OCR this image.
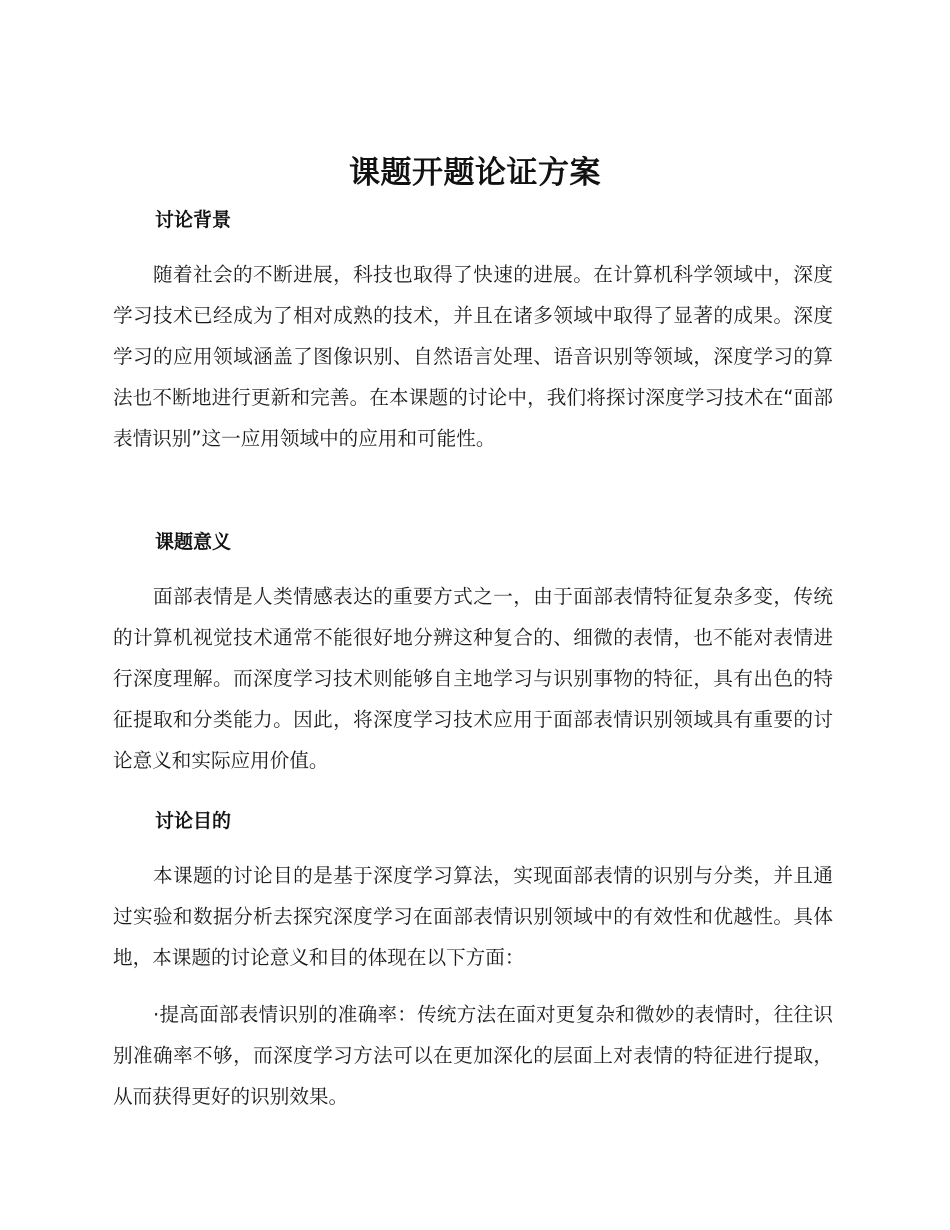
课题开题论证方案
讨论背景

随着社会的不断进展，科技也取得了快速的进展。在计算机科学领域中，深度学习技术已经成为了相对成熟的技术，并且在诸多领域中取得了显著的成果。深度学习的应用领域涵盖了图像识别、自然语言处理、语音识别等领域，深度学习的算法也不断地进行更新和完善。在本课题的讨论中，我们将探讨深度学习技术在“面部表情识别”这一应用领域中的应用和可能性。

课题意义

面部表情是人类情感表达的重要方式之一，由于面部表情特征复杂多变，传统的计算机视觉技术通常不能很好地分辨这种复合的、细微的表情，也不能对表情进行深度理解。而深度学习技术则能够自主地学习与识别事物的特征，具有出色的特征提取和分类能力。因此，将深度学习技术应用于面部表情识别领域具有重要的讨论意义和实际应用价值。

讨论目的

本课题的讨论目的是基于深度学习算法，实现面部表情的识别与分类，并且通过实验和数据分析去探究深度学习在面部表情识别领域中的有效性和优越性。具体地，本课题的讨论意义和目的体现在以下方面：

·提高面部表情识别的准确率：传统方法在面对更复杂和微妙的表情时，往往识别准确率不够，而深度学习方法可以在更加深化的层面上对表情的特征进行提取，从而获得更好的识别效果。
